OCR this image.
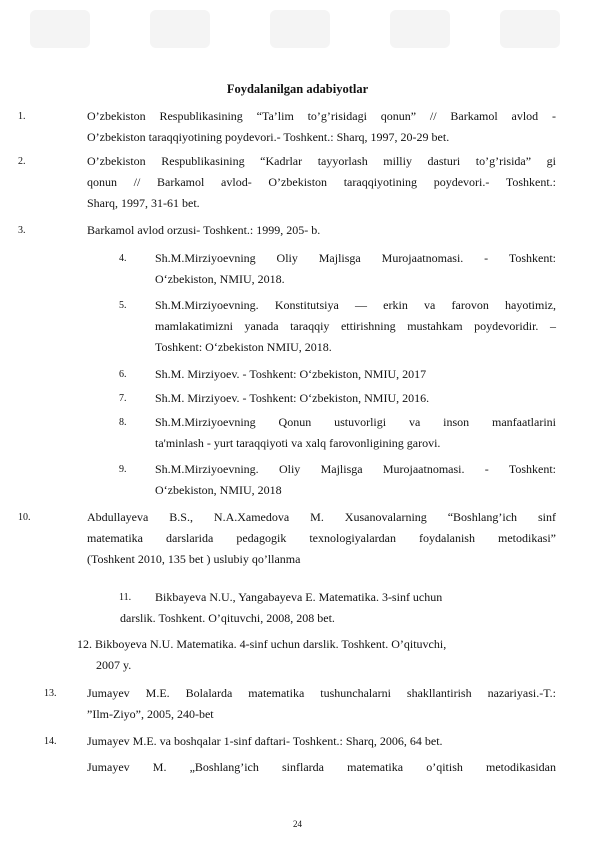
Foydalanilgan adabiyotlar
1.	O’zbekiston Respublikasining “Ta’lim to’g’risidagi qonun” // Barkamol avlod -
O’zbekiston taraqqiyotining poydevori.- Toshkent.: Sharq, 1997, 20-29 bet.
2.	O’zbekiston Respublikasining “Kadrlar tayyorlash milliy dasturi to’g’risida” gi
qonun // Barkamol avlod- O’zbekiston taraqqiyotining poydevori.- Toshkent.:
Sharq, 1997, 31-61 bet.
3.	Barkamol avlod orzusi- Toshkent.: 1999, 205- b.
4. Sh.M.Mirziyoevning Oliy Majlisga Murojaatnomasi. - Toshkent:
O‘zbekiston, NMIU, 2018.
5. Sh.M.Mirziyoevning. Konstitutsiya — erkin va farovon hayotimiz,
mamlakatimizni yanada taraqqiy ettirishning mustahkam poydevoridir. –
Toshkent: O‘zbekiston NMIU, 2018.
6. Sh.M. Mirziyoev. - Toshkent: O‘zbekiston, NMIU, 2017
7. Sh.M. Mirziyoev. - Toshkent: O‘zbekiston, NMIU, 2016.
8. Sh.M.Mirziyoevning Qonun ustuvorligi va inson manfaatlarini
ta'minlash - yurt taraqqiyoti va xalq farovonligining garovi.
9. Sh.M.Mirziyoevning. Oliy Majlisga Murojaatnomasi. - Toshkent:
O‘zbekiston, NMIU, 2018
10.	Abdullayeva B.S., N.A.Xamedova M. Xusanovalarning “Boshlang’ich sinf
matematika darslarida pedagogik texnologiyalardan foydalanish metodikasi”
(Toshkent 2010, 135 bet ) uslubiy qo’llanma
11. Bikbayeva N.U., Yangabayeva E. Matematika. 3-sinf uchun
darslik. Toshkent. O’qituvchi, 2008, 208 bet.
12. Bikboyeva N.U. Matematika. 4-sinf uchun darslik. Toshkent. O’qituvchi,
2007 y.
13.	Jumayev M.E. Bolalarda matematika tushunchalarni shakllantirish nazariyasi.-T.:
”Ilm-Ziyo”, 2005, 240-bet
14.	Jumayev M.E. va boshqalar 1-sinf daftari- Toshkent.: Sharq, 2006, 64 bet.
Jumayev M. „Boshlang’ich sinflarda matematika o’qitish metodikasidan
24
